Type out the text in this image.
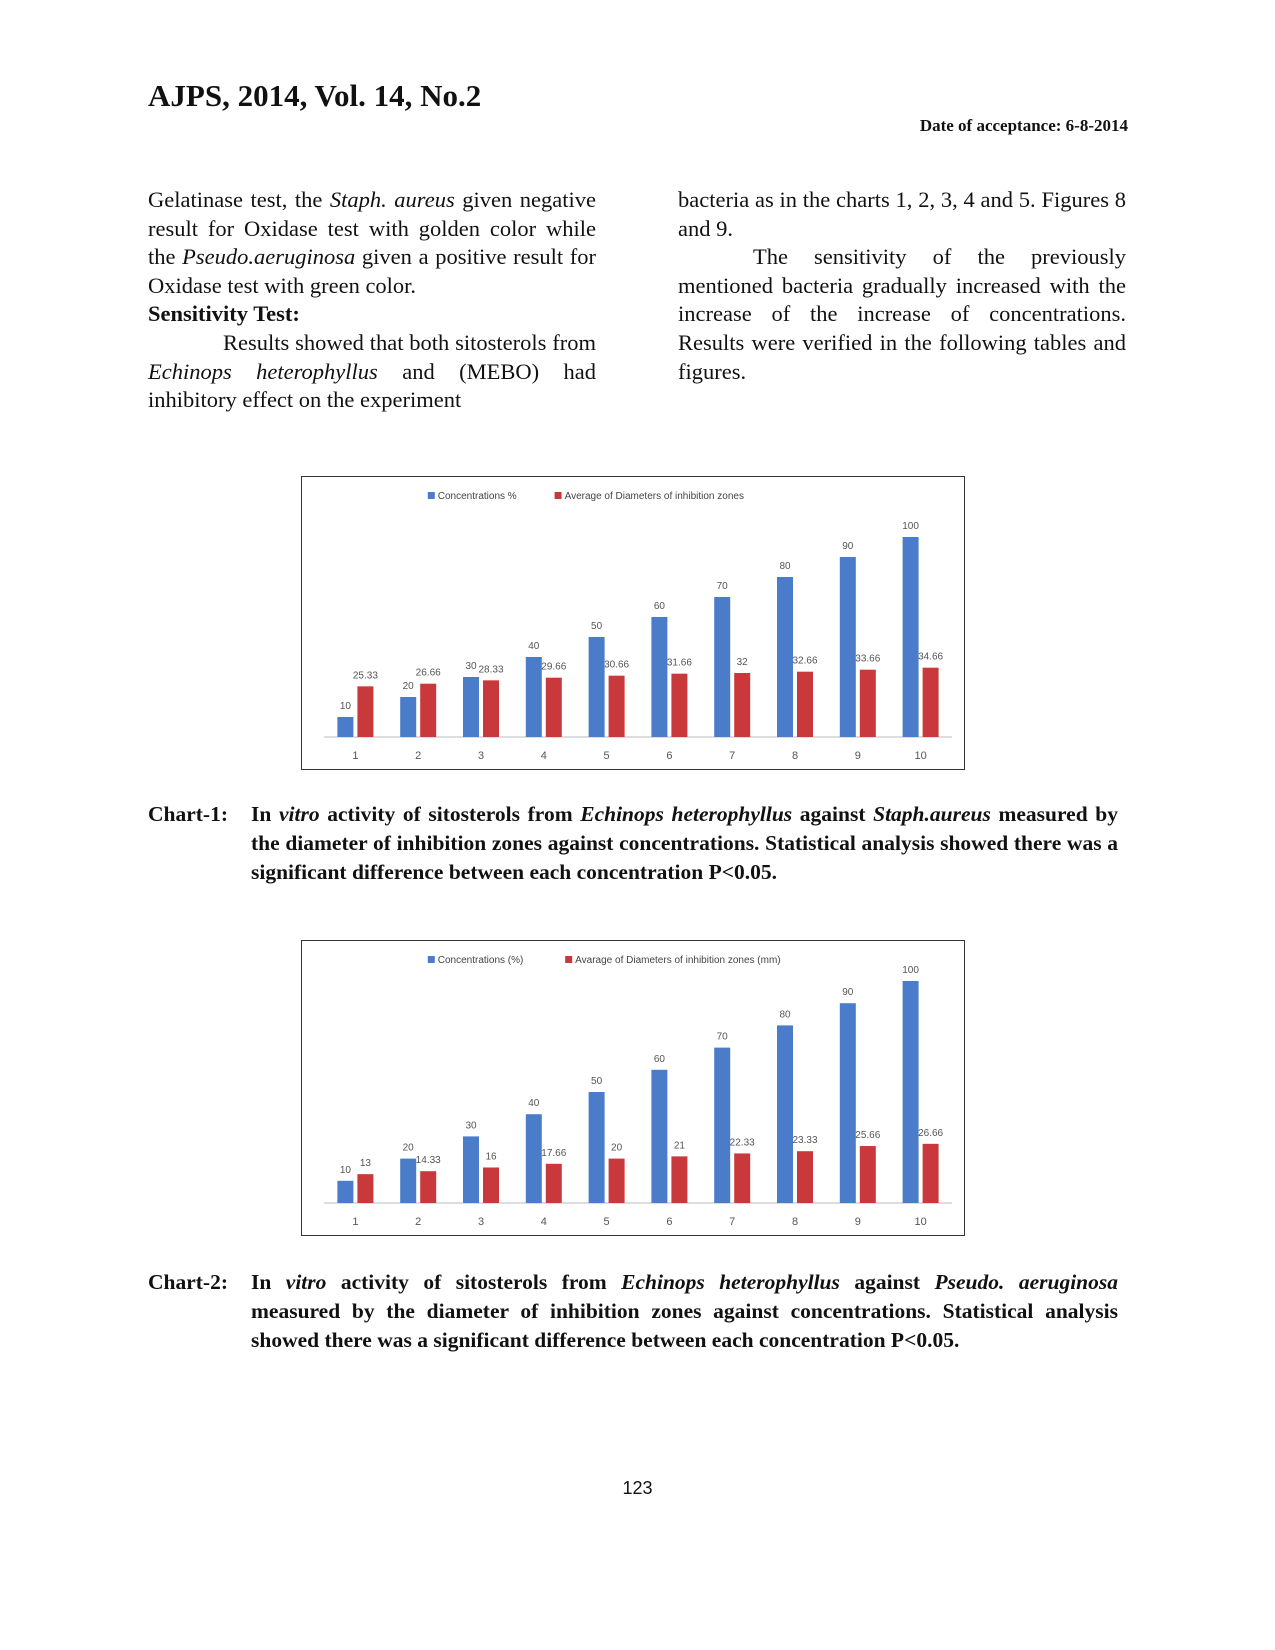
AJPS, 2014, Vol. 14, No.2
Date of acceptance: 6-8-2014

Gelatinase test, the Staph. aureus given negative result for Oxidase test with golden color while the Pseudo.aeruginosa given a positive result for Oxidase test with green color.

Sensitivity Test:

Results showed that both sitosterols from Echinops heterophyllus and (MEBO) had inhibitory effect on the experiment

bacteria as in the charts 1, 2, 3, 4 and 5. Figures 8 and 9.

The sensitivity of the previously mentioned bacteria gradually increased with the increase of the increase of concentrations. Results were verified in the following tables and figures.

Concentrations %	Average of Diameters of inhibition zones
10
25.33
1
20
26.66
2
30 28.33
3
40
29.66
4
50
30.66
5
60
31.66
6
70
32
7
80
32.66
8
90
33.66
9
100
34.66
10
Chart-1: In vitro activity of sitosterols from Echinops heterophyllus against Staph.aureus measured by the diameter of inhibition zones against concentrations. Statistical analysis showed there was a significant difference between each concentration P<0.05.
Concentrations (%)	Avarage of Diameters of inhibition zones (mm)
10
13
1
20
14.33
2
30
16
3
40
17.66
4
50
20
5
60
21
6
70
22.33
7
80
23.33
8
90
25.66
9
100
26.66
10
Chart-2: In vitro activity of sitosterols from Echinops heterophyllus against Pseudo. aeruginosa measured by the diameter of inhibition zones against concentrations. Statistical analysis showed there was a significant difference between each concentration P<0.05.
123
